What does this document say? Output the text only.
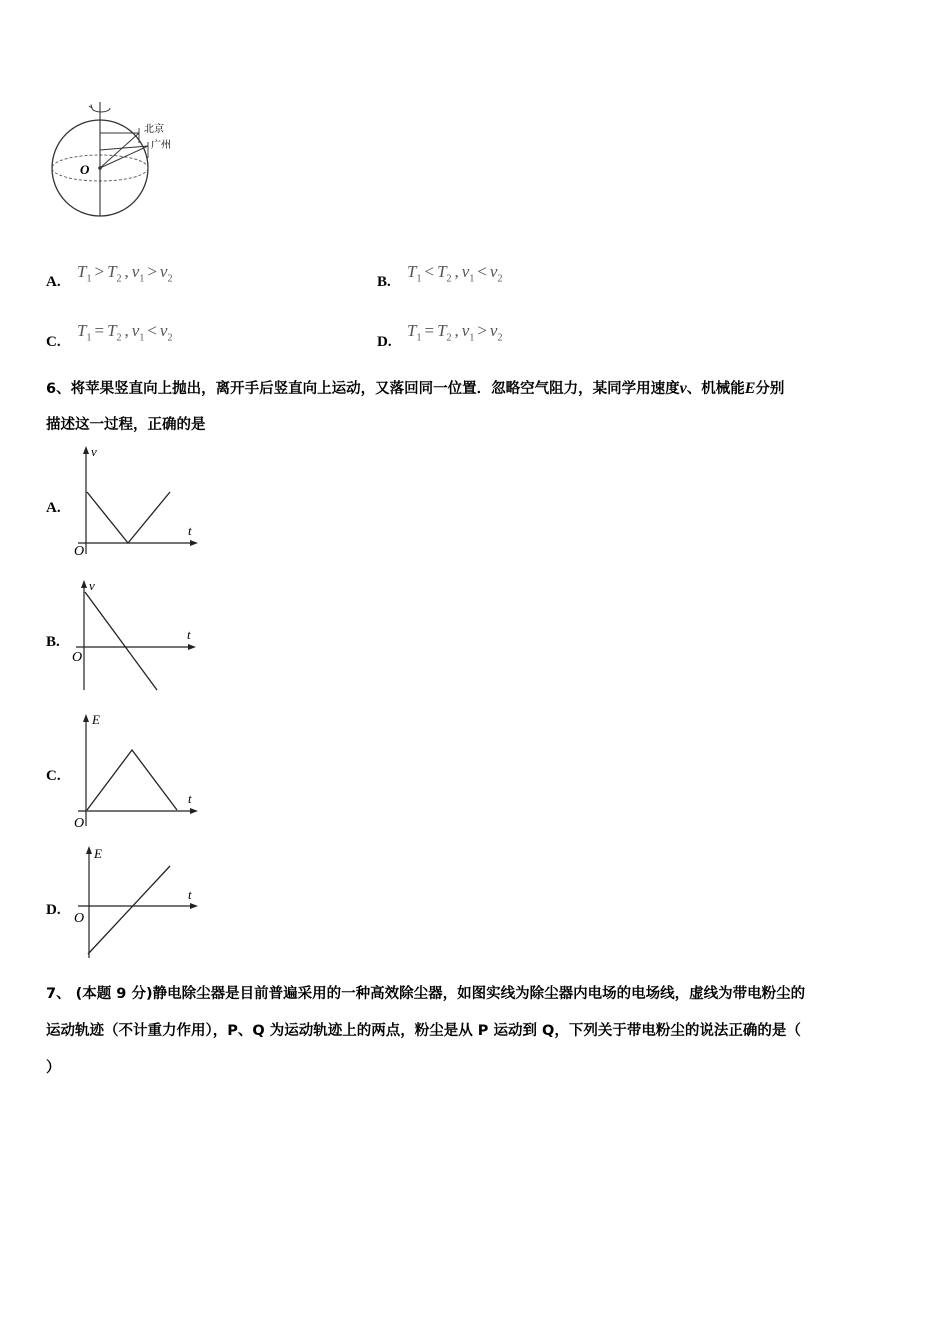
O
北京
广州
A.
$T_1 > T_2$ , $v_1 > v_2$	B.
$T_1 < T_2$ , $v_1 < v_2$
C.
$T_1 = T_2$ , $v_1 < v_2$	D.
$T_1 = T_2$ , $v_1 > v_2$
6、将苹果竖直向上抛出，离开手后竖直向上运动，又落回同一位置．忽略空气阻力，某同学用速度v、机械能E分别
描述这一过程，正确的是
A.
v
t
O
B.
v
t
O
C.
E
t
O
D.
E
t
O
7、 (本题 9 分)静电除尘器是目前普遍采用的一种高效除尘器，如图实线为除尘器内电场的电场线，虚线为带电粉尘的
运动轨迹（不计重力作用），P、Q 为运动轨迹上的两点，粉尘是从 P 运动到 Q，下列关于带电粉尘的说法正确的是（
）
